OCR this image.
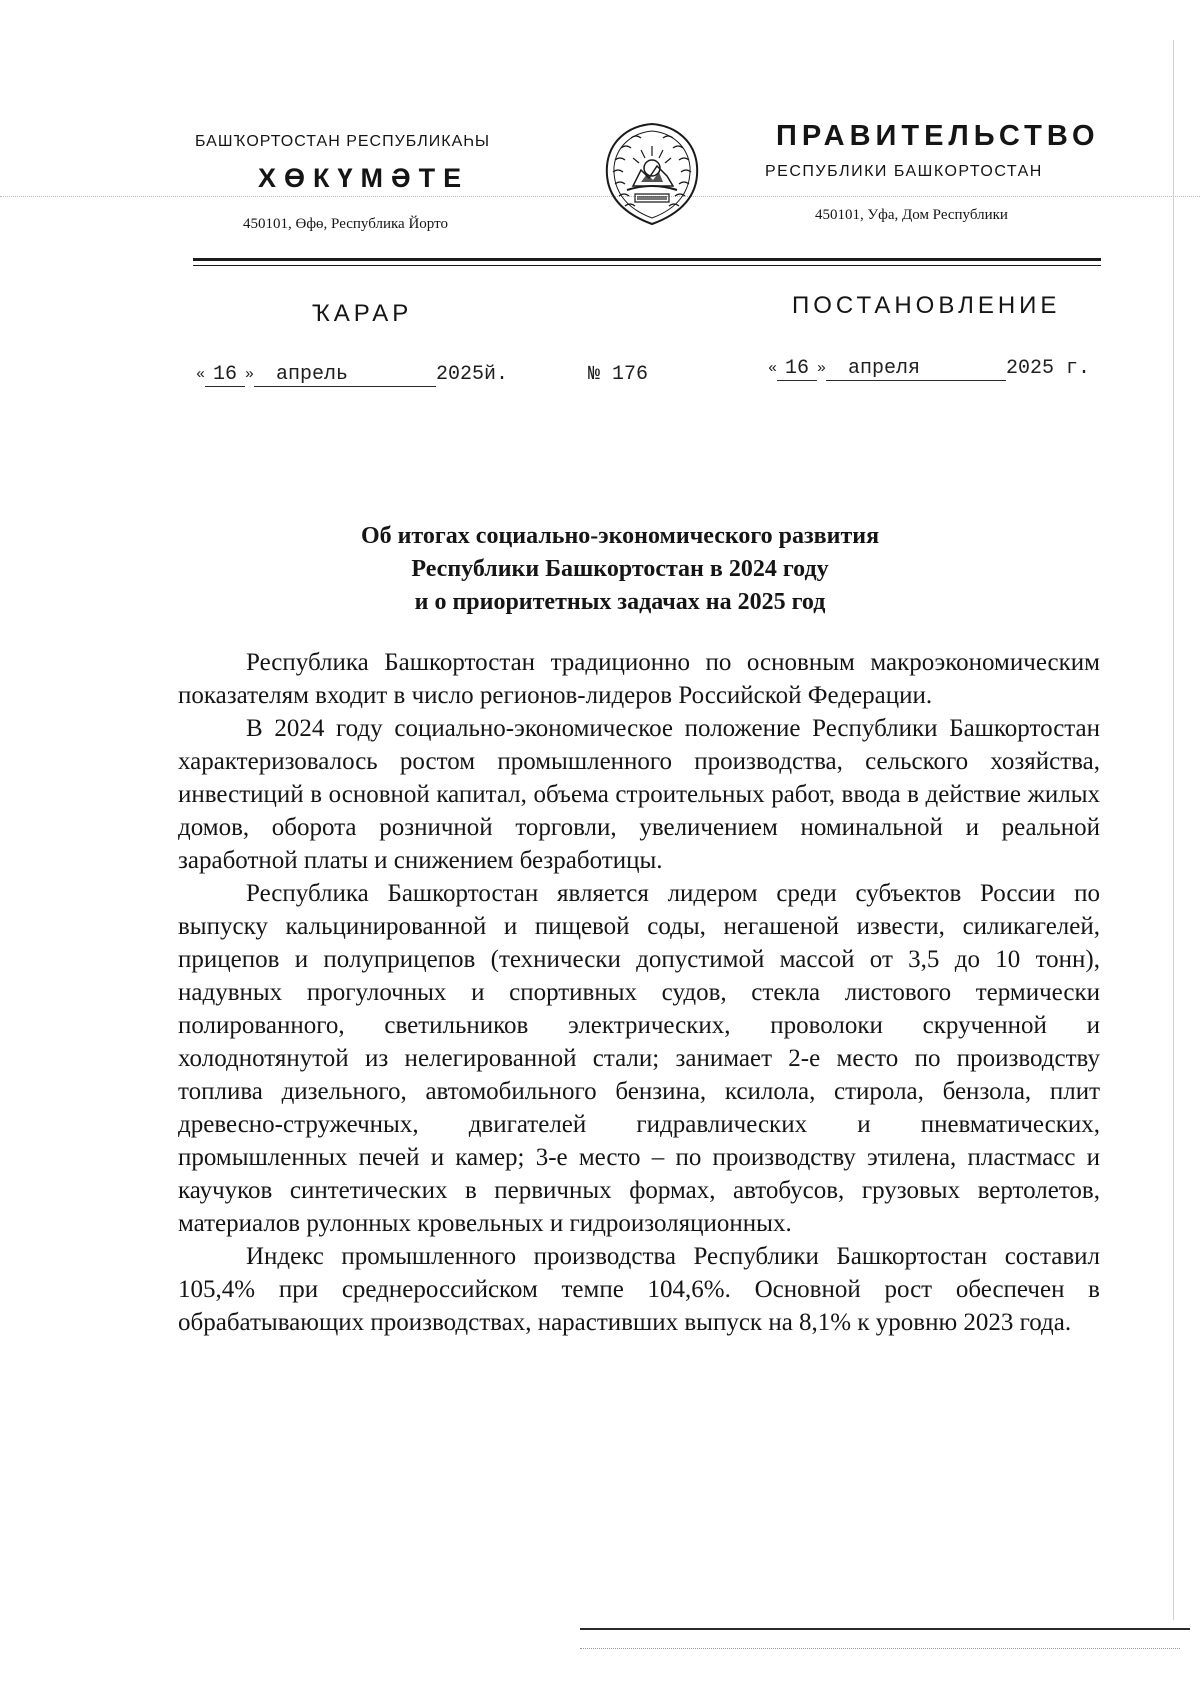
БАШҠОРТОСТАН РЕСПУБЛИКАҺЫ
ХӨКҮМӘТЕ
450101, Өфө, Республика Йорто
ПРАВИТЕЛЬСТВО
РЕСПУБЛИКИ БАШКОРТОСТАН
450101, Уфа, Дом Республики
ҠАРАР	ПОСТАНОВЛЕНИЕ
« 16 » апрель	2025й.	№ 176	« 16 » апреля	2025 г.
Об итогах социально-экономического развития
Республики Башкортостан в 2024 году
и о приоритетных задачах на 2025 год

Республика Башкортостан традиционно по основным макроэкономическим показателям входит в число регионов-лидеров Российской Федерации.

В 2024 году социально-экономическое положение Республики Башкортостан характеризовалось ростом промышленного производства, сельского хозяйства, инвестиций в основной капитал, объема строительных работ, ввода в действие жилых домов, оборота розничной торговли, увеличением номинальной и реальной заработной платы и снижением безработицы.

Республика Башкортостан является лидером среди субъектов России по выпуску кальцинированной и пищевой соды, негашеной извести, силикагелей, прицепов и полуприцепов (технически допустимой массой от 3,5 до 10 тонн), надувных прогулочных и спортивных судов, стекла листового термически полированного, светильников электрических, проволоки скрученной и холоднотянутой из нелегированной стали; занимает 2-е место по производству топлива дизельного, автомобильного бензина, ксилола, стирола, бензола, плит древесно-стружечных, двигателей гидравлических и пневматических, промышленных печей и камер; 3-е место – по производству этилена, пластмасс и каучуков синтетических в первичных формах, автобусов, грузовых вертолетов, материалов рулонных кровельных и гидроизоляционных.

Индекс промышленного производства Республики Башкортостан составил 105,4% при среднероссийском темпе 104,6%. Основной рост обеспечен в обрабатывающих производствах, нарастивших выпуск на 8,1% к уровню 2023 года.
